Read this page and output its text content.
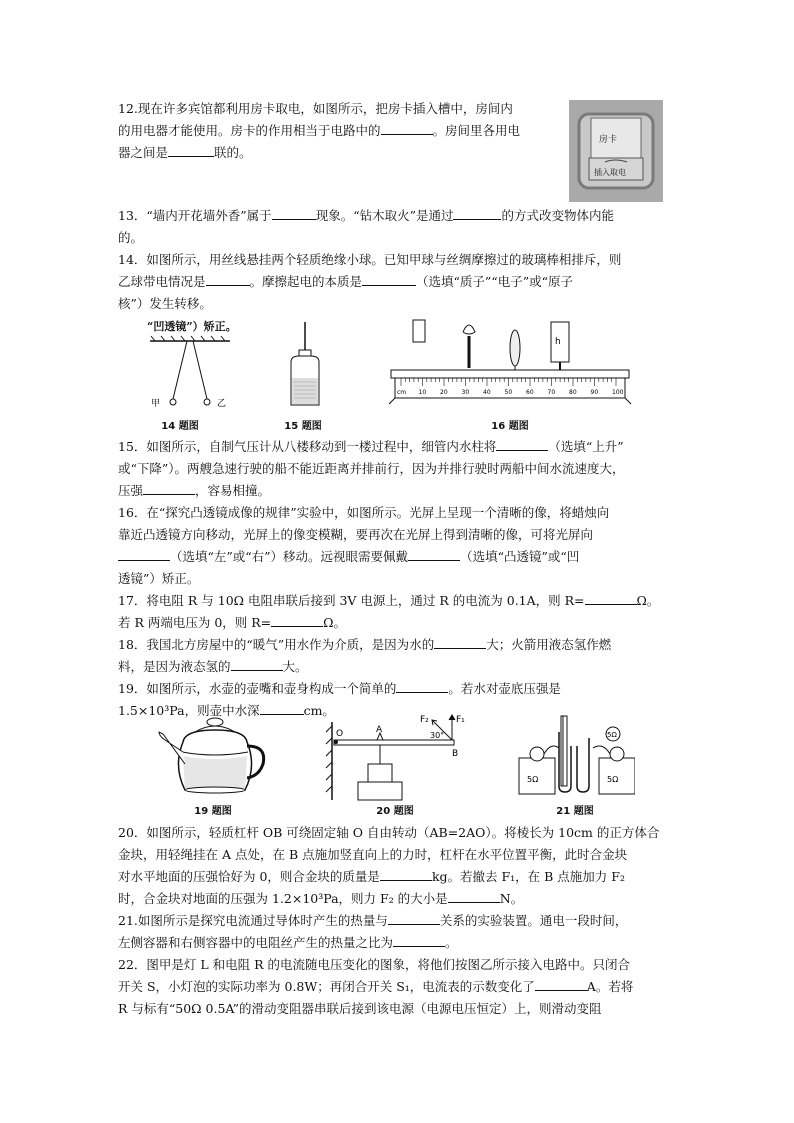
12.现在许多宾馆都利用房卡取电，如图所示，把房卡插入槽中，房间内
的用电器才能使用。房卡的作用相当于电路中的	。房间里各用电
器之间是	联的。
房卡
插入取电
13．“墙内开花墙外香”属于	现象。“钻木取火”是通过	的方式改变物体内能
的。
14．如图所示，用丝线悬挂两个轻质绝缘小球。已知甲球与丝绸摩擦过的玻璃棒相排斥，则
乙球带电情况是	。摩擦起电的本质是	（选填“质子”“电子”或“原子
核”）发生转移。
“凹透镜”）矫正。
甲	乙
14 题图	15 题图
h
cm 10 20 30 40 50 60 70 80 90 100
16 题图
15．如图所示，自制气压计从八楼移动到一楼过程中，细管内水柱将	（选填“上升”
或“下降”）。两艘急速行驶的船不能近距离并排前行，因为并排行驶时两船中间水流速度大，
压强	，容易相撞。
16．在“探究凸透镜成像的规律”实验中，如图所示。光屏上呈现一个清晰的像，将蜡烛向
靠近凸透镜方向移动，光屏上的像变模糊，要再次在光屏上得到清晰的像，可将光屏向
（选填“左”或“右”）移动。远视眼需要佩戴	（选填“凸透镜”或“凹
透镜”）矫正。
17．将电阻 R 与 10Ω 电阻串联后接到 3V 电源上，通过 R 的电流为 0.1A，则 R=	Ω。
若 R 两端电压为 0，则 R=	Ω。
18．我国北方房屋中的“暖气”用水作为介质，是因为水的	大；火箭用液态氢作燃
料，是因为液态氢的	大。
19．如图所示，水壶的壶嘴和壶身构成一个简单的	。若水对壶底压强是
1.5×10³Pa，则壶中水深	cm。
19 题图
O	A
B
F₂	F₁
30°
20 题图
5Ω	5Ω
5Ω
21 题图
20．如图所示，轻质杠杆 OB 可绕固定轴 O 自由转动（AB=2AO）。将棱长为 10cm 的正方体合
金块，用轻绳挂在 A 点处，在 B 点施加竖直向上的力时，杠杆在水平位置平衡，此时合金块
对水平地面的压强恰好为 0，则合金块的质量是	kg。若撤去 F₁，在 B 点施加力 F₂
时，合金块对地面的压强为 1.2×10³Pa，则力 F₂ 的大小是	N。
21.如图所示是探究电流通过导体时产生的热量与	关系的实验装置。通电一段时间，
左侧容器和右侧容器中的电阻丝产生的热量之比为	。
22．图甲是灯 L 和电阻 R 的电流随电压变化的图象，将他们按图乙所示接入电路中。只闭合
开关 S，小灯泡的实际功率为 0.8W；再闭合开关 S₁，电流表的示数变化了	A。若将
R 与标有“50Ω 0.5A”的滑动变阻器串联后接到该电源（电源电压恒定）上，则滑动变阻
